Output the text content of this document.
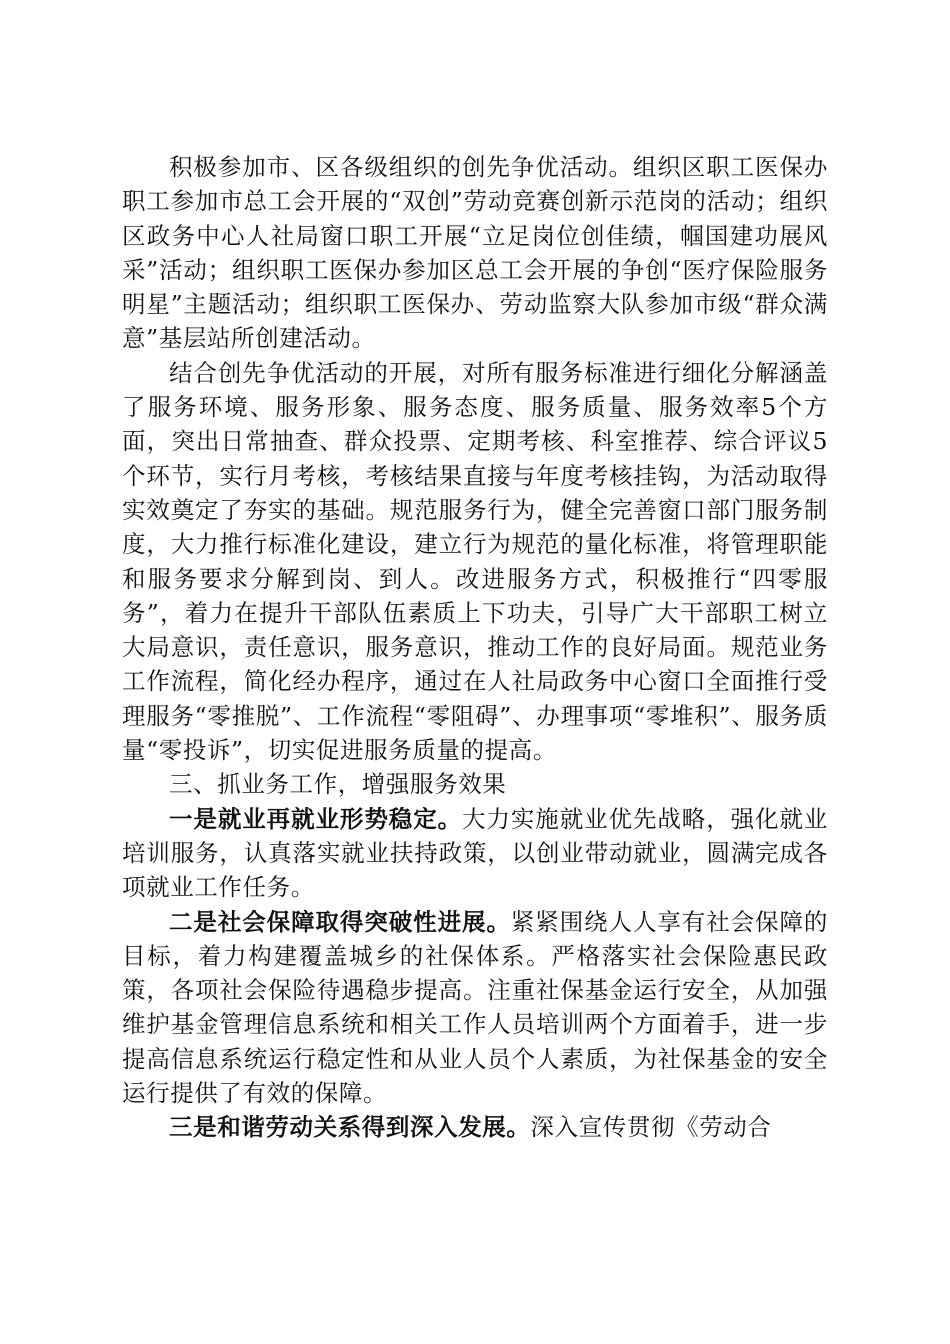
积极参加市、区各级组织的创先争优活动。组织区职工医保办职工参加市总工会开展的“双创”劳动竞赛创新示范岗的活动；组织区政务中心人社局窗口职工开展“立足岗位创佳绩，帼国建功展风采”活动；组织职工医保办参加区总工会开展的争创“医疗保险服务明星”主题活动；组织职工医保办、劳动监察大队参加市级“群众满意”基层站所创建活动。

结合创先争优活动的开展，对所有服务标准进行细化分解涵盖了服务环境、服务形象、服务态度、服务质量、服务效率5个方面，突出日常抽查、群众投票、定期考核、科室推荐、综合评议5个环节，实行月考核，考核结果直接与年度考核挂钩，为活动取得实效奠定了夯实的基础。规范服务行为，健全完善窗口部门服务制度，大力推行标准化建设，建立行为规范的量化标准，将管理职能和服务要求分解到岗、到人。改进服务方式，积极推行“四零服务”，着力在提升干部队伍素质上下功夫，引导广大干部职工树立大局意识，责任意识，服务意识，推动工作的良好局面。规范业务工作流程，简化经办程序，通过在人社局政务中心窗口全面推行受理服务“零推脱”、工作流程“零阻碍”、办理事项“零堆积”、服务质量“零投诉”，切实促进服务质量的提高。

三、抓业务工作，增强服务效果

一是就业再就业形势稳定。大力实施就业优先战略，强化就业培训服务，认真落实就业扶持政策，以创业带动就业，圆满完成各项就业工作任务。

二是社会保障取得突破性进展。紧紧围绕人人享有社会保障的目标，着力构建覆盖城乡的社保体系。严格落实社会保险惠民政策，各项社会保险待遇稳步提高。注重社保基金运行安全，从加强维护基金管理信息系统和相关工作人员培训两个方面着手，进一步提高信息系统运行稳定性和从业人员个人素质，为社保基金的安全运行提供了有效的保障。

三是和谐劳动关系得到深入发展。深入宣传贯彻《劳动合
